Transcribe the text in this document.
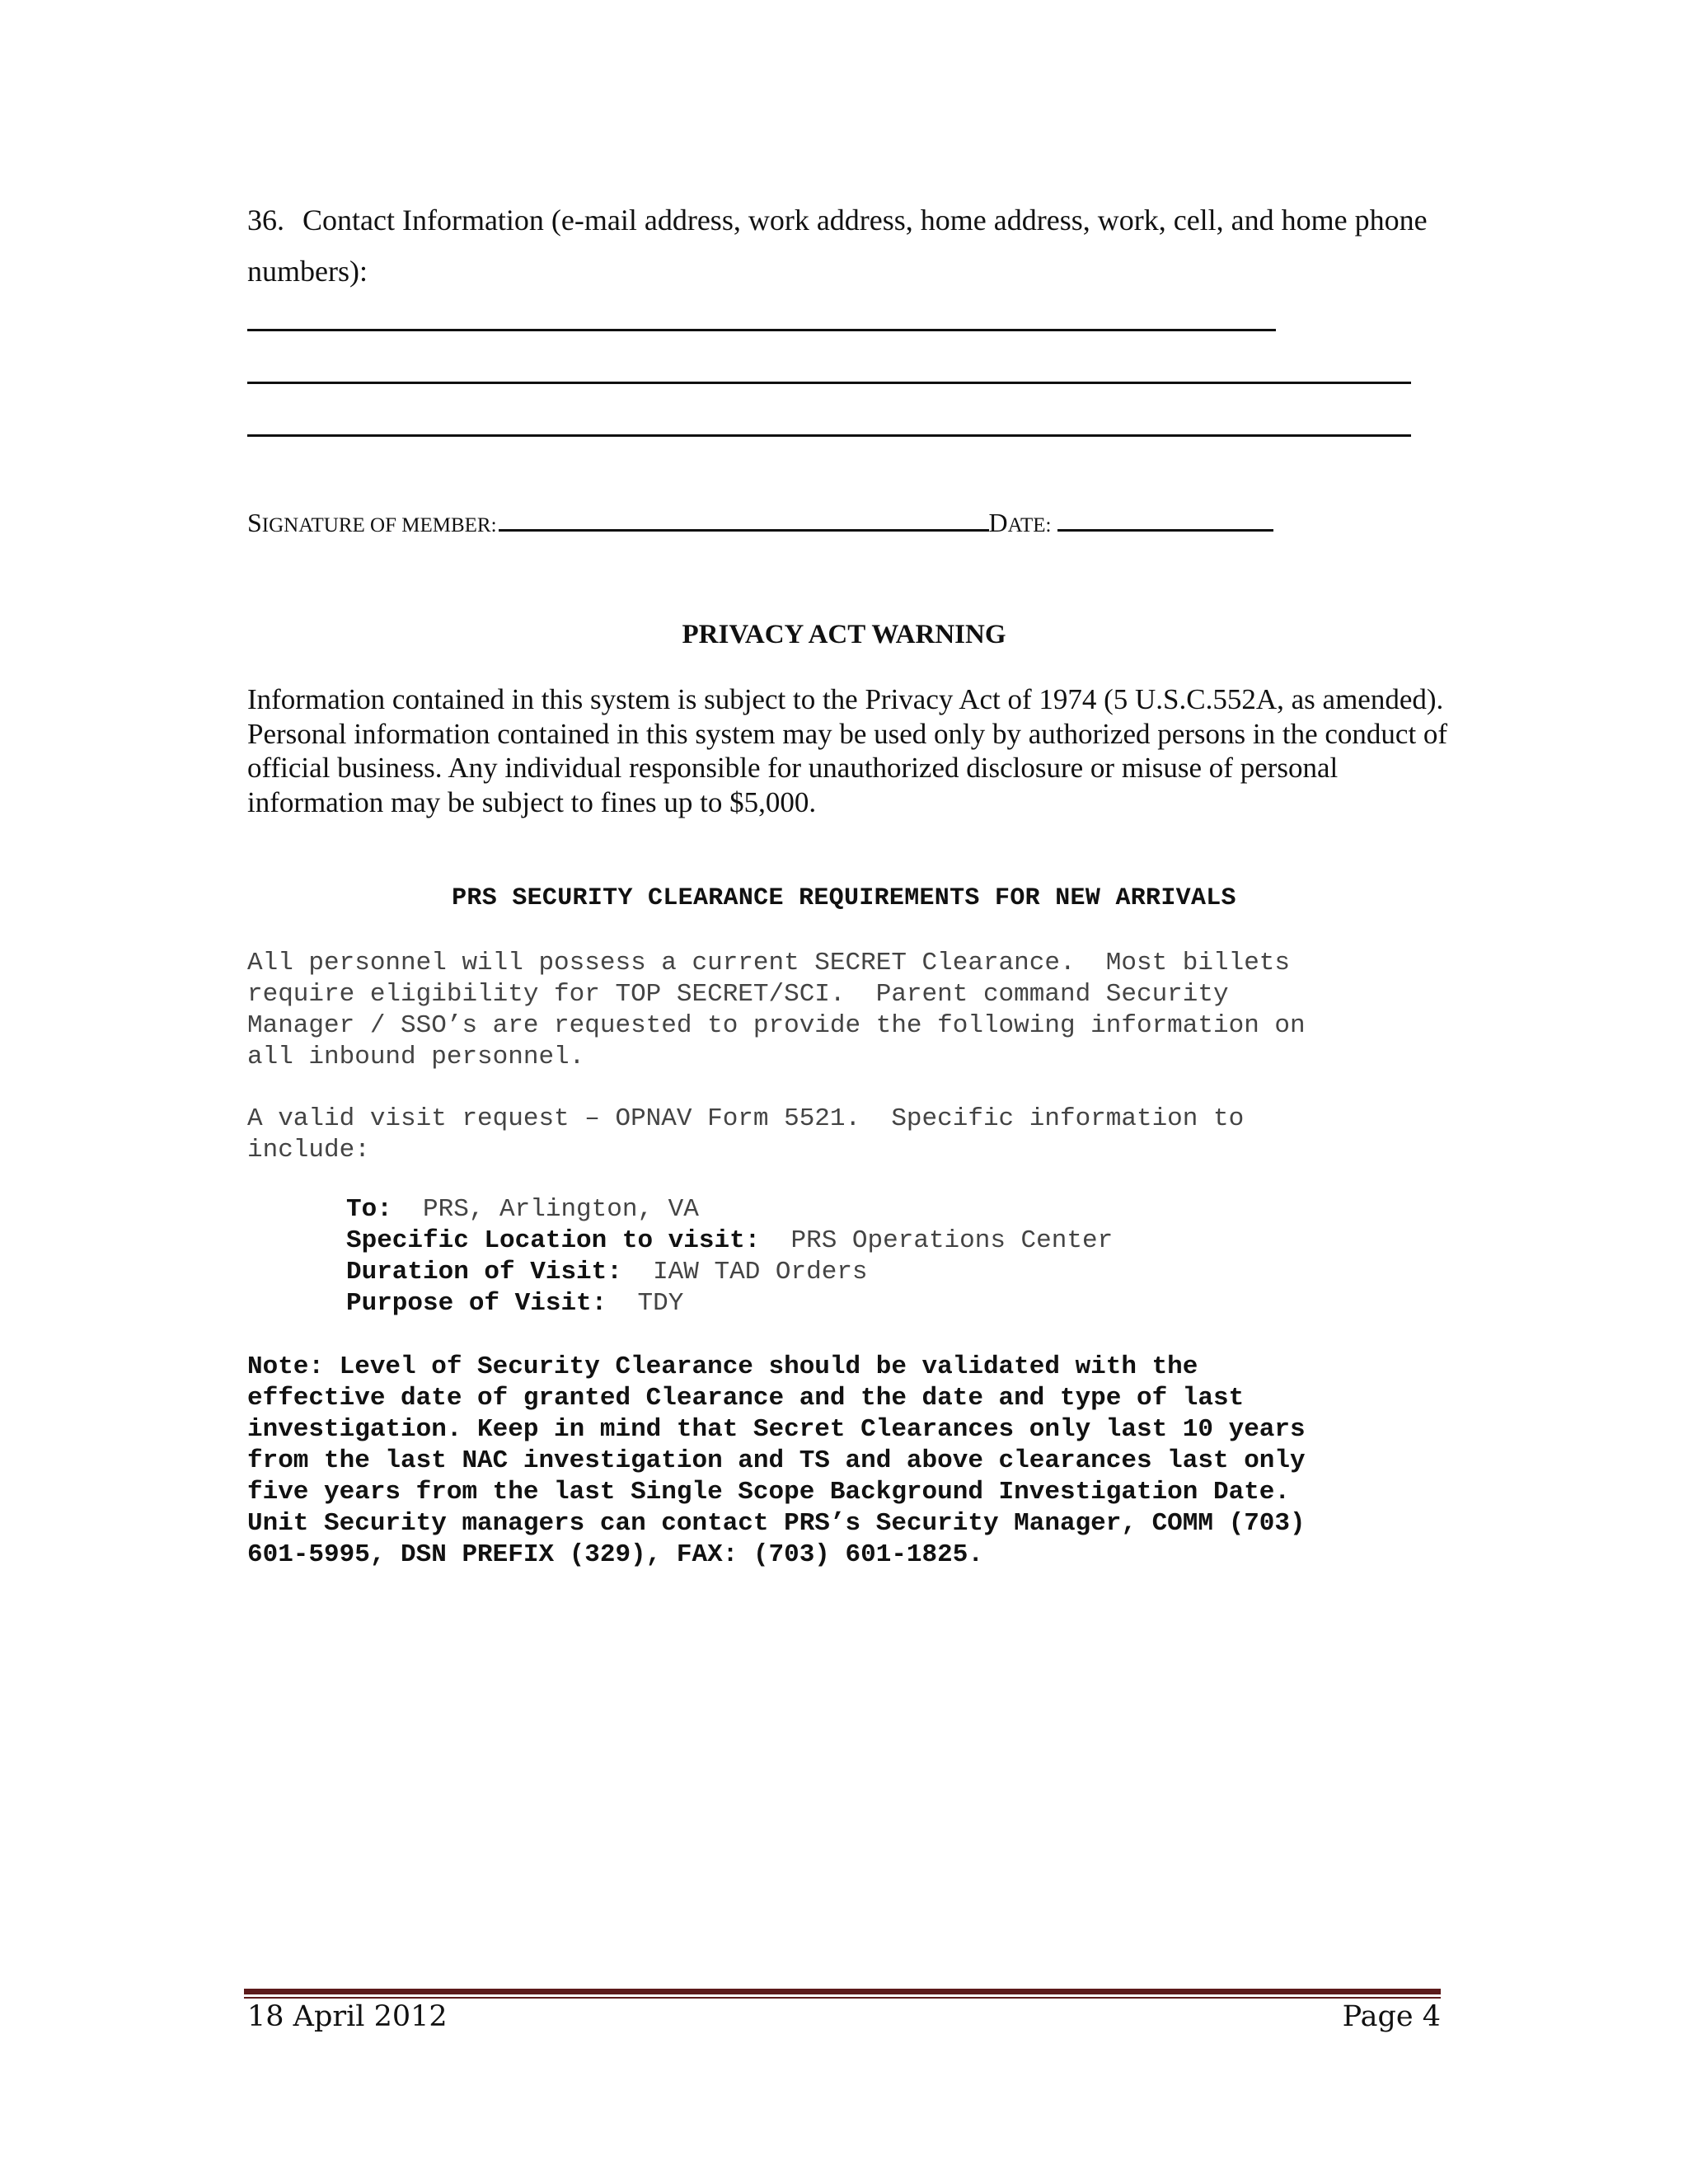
36. Contact Information (e-mail address, work address, home address, work, cell, and home phone numbers):
SIGNATURE OF MEMBER:	DATE:
PRIVACY ACT WARNING
Information contained in this system is subject to the Privacy Act of 1974 (5 U.S.C.552A, as amended). Personal information contained in this system may be used only by authorized persons in the conduct of official business. Any individual responsible for unauthorized disclosure or misuse of personal information may be subject to fines up to $5,000.
PRS SECURITY CLEARANCE REQUIREMENTS FOR NEW ARRIVALS
All personnel will possess a current SECRET Clearance.  Most billets
require eligibility for TOP SECRET/SCI.  Parent command Security
Manager / SSO’s are requested to provide the following information on
all inbound personnel.
A valid visit request – OPNAV Form 5521.  Specific information to
include:
To: PRS, Arlington, VA
Specific Location to visit: PRS Operations Center
Duration of Visit: IAW TAD Orders
Purpose of Visit: TDY
Note: Level of Security Clearance should be validated with the
effective date of granted Clearance and the date and type of last
investigation. Keep in mind that Secret Clearances only last 10 years
from the last NAC investigation and TS and above clearances last only
five years from the last Single Scope Background Investigation Date.
Unit Security managers can contact PRS’s Security Manager, COMM (703)
601-5995, DSN PREFIX (329), FAX: (703) 601-1825.
18 April 2012	Page 4
